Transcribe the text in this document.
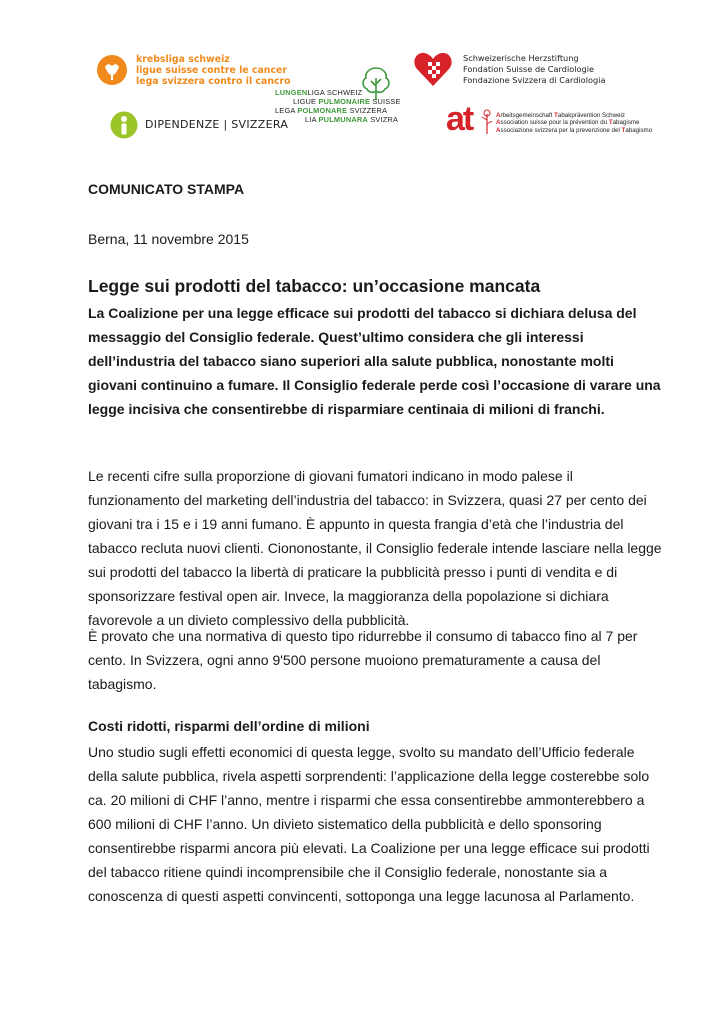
krebsliga schweiz
ligue suisse contre le cancer
lega svizzera contro il cancro
DIPENDENZE | SVIZZERA
LUNGENLIGA SCHWEIZ
LIGUE PULMONAIRE SUISSE
LEGA POLMONARE SVIZZERA
LIA PULMUNARA SVIZRA
Schweizerische Herzstiftung
Fondation Suisse de Cardiologie
Fondazione Svizzera di Cardiologia
at	Arbeitsgemeinschaft Tabakprävention Schweiz
Association suisse pour la prévention du Tabagisme
Associazione svizzera per la prevenzione del Tabagismo
COMUNICATO STAMPA
Berna, 11 novembre 2015
Legge sui prodotti del tabacco: un’occasione mancata

La Coalizione per una legge efficace sui prodotti del tabacco si dichiara delusa del
messaggio del Consiglio federale. Quest’ultimo considera che gli interessi
dell’industria del tabacco siano superiori alla salute pubblica, nonostante molti
giovani continuino a fumare. Il Consiglio federale perde così l’occasione di varare una
legge incisiva che consentirebbe di risparmiare centinaia di milioni di franchi.

Le recenti cifre sulla proporzione di giovani fumatori indicano in modo palese il
funzionamento del marketing dell’industria del tabacco: in Svizzera, quasi 27 per cento dei
giovani tra i 15 e i 19 anni fumano. È appunto in questa frangia d’età che l’industria del
tabacco recluta nuovi clienti. Ciononostante, il Consiglio federale intende lasciare nella legge
sui prodotti del tabacco la libertà di praticare la pubblicità presso i punti di vendita e di
sponsorizzare festival open air. Invece, la maggioranza della popolazione si dichiara
favorevole a un divieto complessivo della pubblicità.

È provato che una normativa di questo tipo ridurrebbe il consumo di tabacco fino al 7 per
cento. In Svizzera, ogni anno 9'500 persone muoiono prematuramente a causa del
tabagismo.

Costi ridotti, risparmi dell’ordine di milioni

Uno studio sugli effetti economici di questa legge, svolto su mandato dell’Ufficio federale
della salute pubblica, rivela aspetti sorprendenti: l’applicazione della legge costerebbe solo
ca. 20 milioni di CHF l’anno, mentre i risparmi che essa consentirebbe ammonterebbero a
600 milioni di CHF l’anno. Un divieto sistematico della pubblicità e dello sponsoring
consentirebbe risparmi ancora più elevati. La Coalizione per una legge efficace sui prodotti
del tabacco ritiene quindi incomprensibile che il Consiglio federale, nonostante sia a
conoscenza di questi aspetti convincenti, sottoponga una legge lacunosa al Parlamento.
